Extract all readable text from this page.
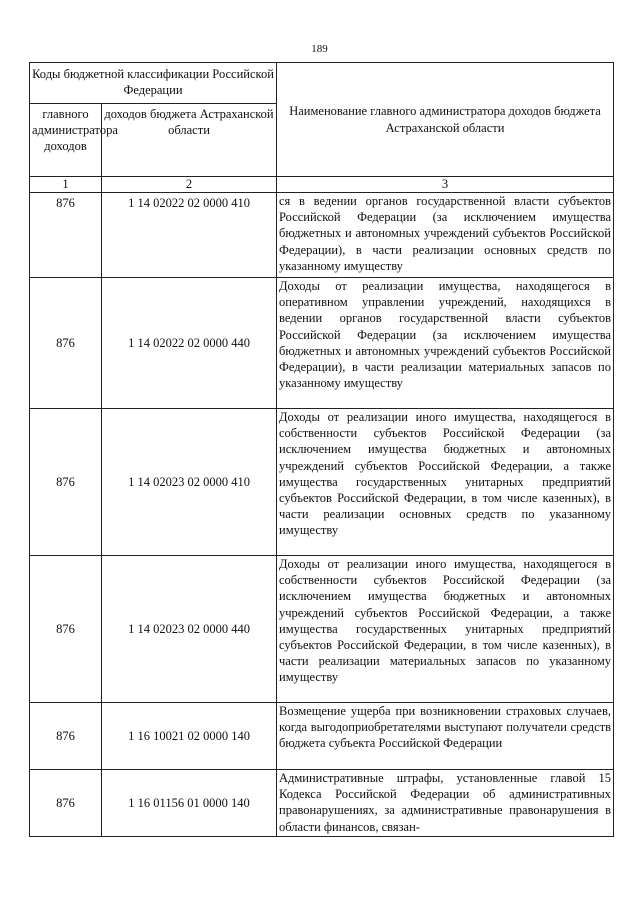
189
Коды бюджетной классификации Российской Федерации		Наименование главного администратора доходов бюджета Астраханской области
главного администратора доходов	доходов бюджета Астраханской области	
1	2	3
876	1 14 02022 02 0000 410	ся в ведении органов государственной власти субъектов Российской Федерации (за исключением имущества бюджетных и автономных учреждений субъектов Российской Федерации), в части реализации основных средств по указанному имуществу
876	1 14 02022 02 0000 440	Доходы от реализации имущества, находящегося в оперативном управлении учреждений, находящихся в ведении органов государственной власти субъектов Российской Федерации (за исключением имущества бюджетных и автономных учреждений субъектов Российской Федерации), в части реализации материальных запасов по указанному имуществу
876	1 14 02023 02 0000 410	Доходы от реализации иного имущества, находящегося в собственности субъектов Российской Федерации (за исключением имущества бюджетных и автономных учреждений субъектов Российской Федерации, а также имущества государственных унитарных предприятий субъектов Российской Федерации, в том числе казенных), в части реализации основных средств по указанному имуществу
876	1 14 02023 02 0000 440	Доходы от реализации иного имущества, находящегося в собственности субъектов Российской Федерации (за исключением имущества бюджетных и автономных учреждений субъектов Российской Федерации, а также имущества государственных унитарных предприятий субъектов Российской Федерации, в том числе казенных), в части реализации материальных запасов по указанному имуществу
876	1 16 10021 02 0000 140	Возмещение ущерба при возникновении страховых случаев, когда выгодоприобретателями выступают получатели средств бюджета субъекта Российской Федерации
876	1 16 01156 01 0000 140	Административные штрафы, установленные главой 15 Кодекса Российской Федерации об административных правонарушениях, за административные правонарушения в области финансов, связан-
